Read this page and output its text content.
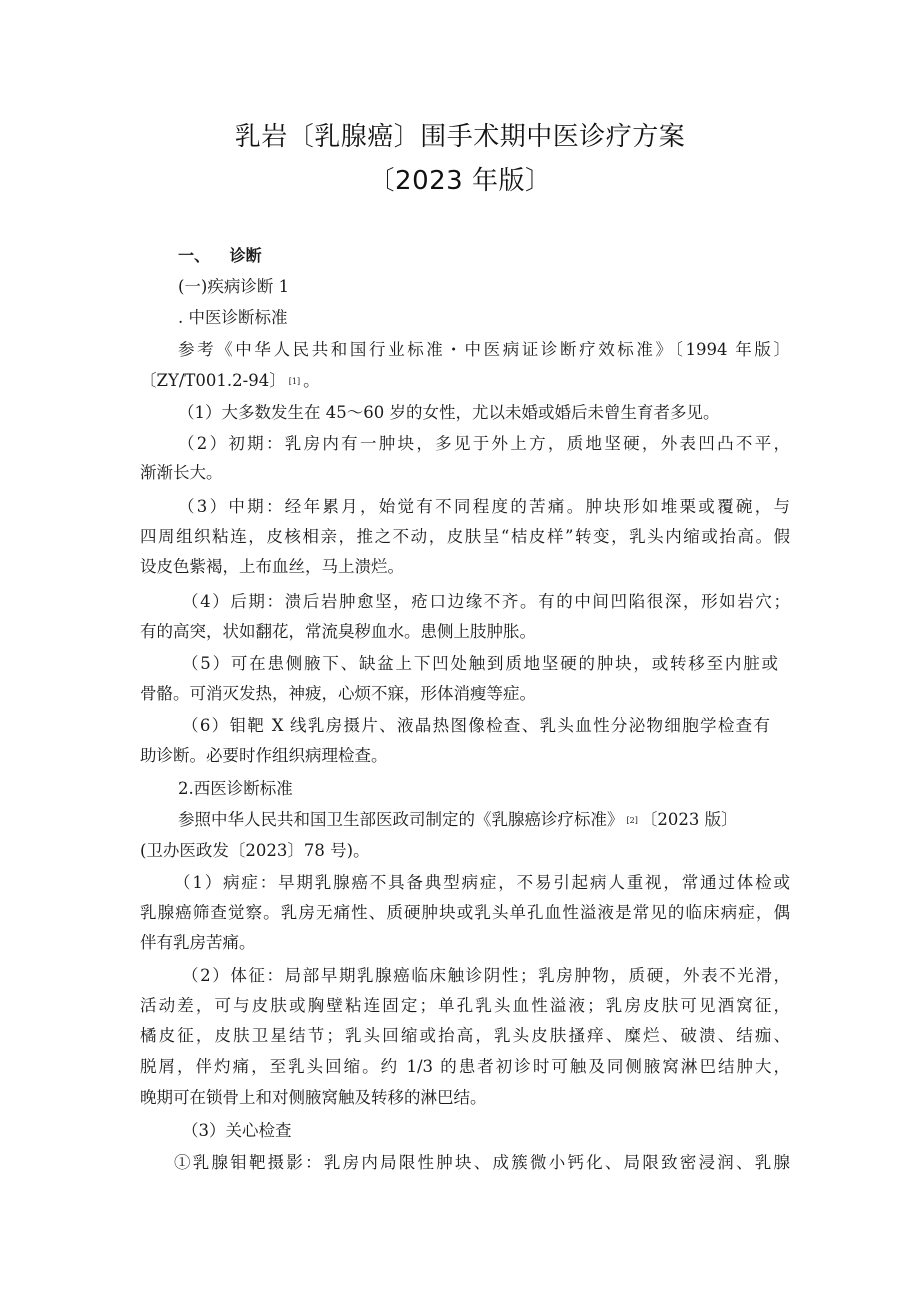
乳岩〔乳腺癌〕围手术期中医诊疗方案
〔2023 年版〕
一、 诊断
(一)疾病诊断 1
. 中医诊断标准
参考《中华人民共和国行业标准・中医病证诊断疗效标准》〔1994 年版〕
〔ZY/T001.2-94〕 [1] 。
（1）大多数发生在 45～60 岁的女性，尤以未婚或婚后未曾生育者多见。
（2）初期：乳房内有一肿块，多见于外上方，质地坚硬，外表凹凸不平，
渐渐长大。
（3）中期：经年累月，始觉有不同程度的苦痛。肿块形如堆栗或覆碗，与
四周组织粘连，皮核相亲，推之不动，皮肤呈“桔皮样”转变，乳头内缩或抬高。假
设皮色紫褐，上布血丝，马上溃烂。
（4）后期：溃后岩肿愈坚，疮口边缘不齐。有的中间凹陷很深，形如岩穴；
有的高突，状如翻花，常流臭秽血水。患侧上肢肿胀。
（5）可在患侧腋下、缺盆上下凹处触到质地坚硬的肿块，或转移至内脏或
骨骼。可消灭发热，神疲，心烦不寐，形体消瘦等症。
（6）钼靶 X 线乳房摄片、液晶热图像检查、乳头血性分泌物细胞学检查有
助诊断。必要时作组织病理检查。
2.西医诊断标准
参照中华人民共和国卫生部医政司制定的《乳腺癌诊疗标准》 [2] 〔2023 版〕
(卫办医政发〔2023〕78 号)。
（1）病症：早期乳腺癌不具备典型病症，不易引起病人重视，常通过体检或
乳腺癌筛查觉察。乳房无痛性、质硬肿块或乳头单孔血性溢液是常见的临床病症，偶
伴有乳房苦痛。
（2）体征：局部早期乳腺癌临床触诊阴性；乳房肿物，质硬，外表不光滑，
活动差，可与皮肤或胸壁粘连固定；单孔乳头血性溢液；乳房皮肤可见酒窝征，
橘皮征，皮肤卫星结节；乳头回缩或抬高，乳头皮肤搔痒、糜烂、破溃、结痂、
脱屑，伴灼痛，至乳头回缩。约 1/3 的患者初诊时可触及同侧腋窝淋巴结肿大，
晚期可在锁骨上和对侧腋窝触及转移的淋巴结。
（3）关心检查
①乳腺钼靶摄影：乳房内局限性肿块、成簇微小钙化、局限致密浸润、乳腺
